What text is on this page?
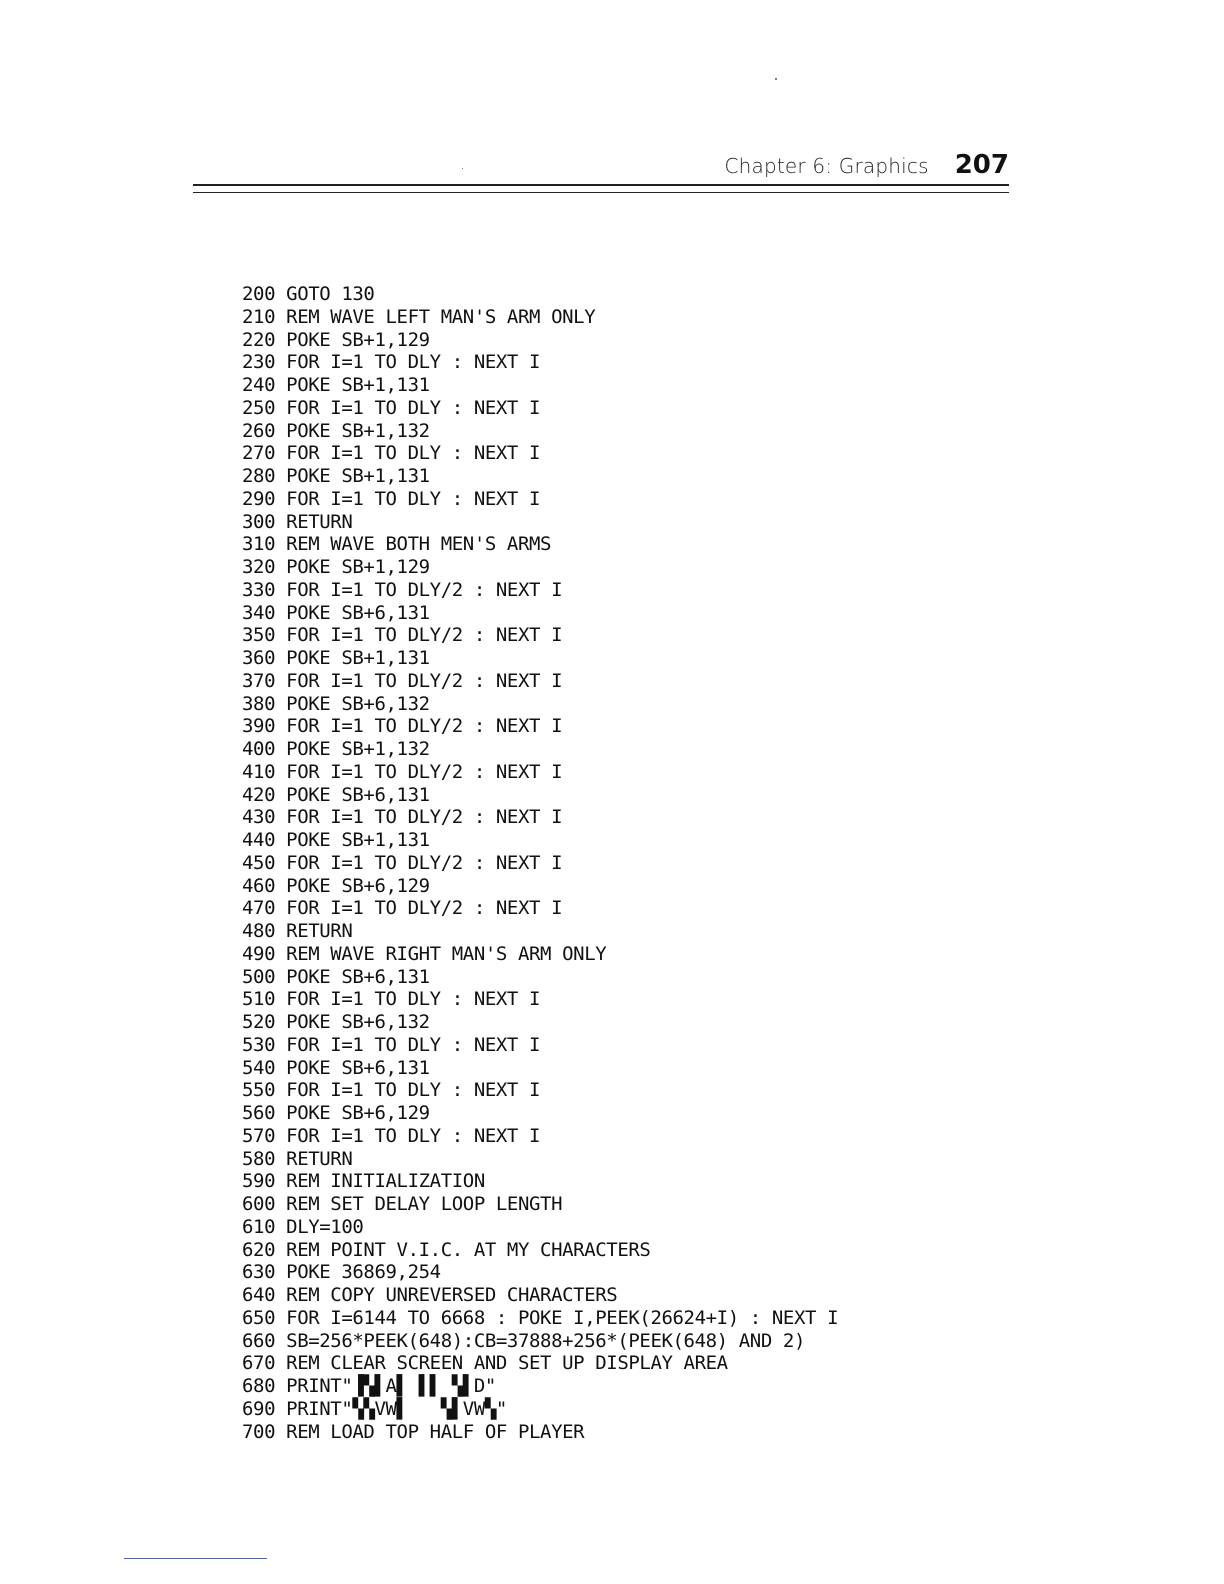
Chapter 6: Graphics 207
200 GOTO 130
210 REM WAVE LEFT MAN'S ARM ONLY
220 POKE SB+1,129
230 FOR I=1 TO DLY : NEXT I
240 POKE SB+1,131
250 FOR I=1 TO DLY : NEXT I
260 POKE SB+1,132
270 FOR I=1 TO DLY : NEXT I
280 POKE SB+1,131
290 FOR I=1 TO DLY : NEXT I
300 RETURN
310 REM WAVE BOTH MEN'S ARMS
320 POKE SB+1,129
330 FOR I=1 TO DLY/2 : NEXT I
340 POKE SB+6,131
350 FOR I=1 TO DLY/2 : NEXT I
360 POKE SB+1,131
370 FOR I=1 TO DLY/2 : NEXT I
380 POKE SB+6,132
390 FOR I=1 TO DLY/2 : NEXT I
400 POKE SB+1,132
410 FOR I=1 TO DLY/2 : NEXT I
420 POKE SB+6,131
430 FOR I=1 TO DLY/2 : NEXT I
440 POKE SB+1,131
450 FOR I=1 TO DLY/2 : NEXT I
460 POKE SB+6,129
470 FOR I=1 TO DLY/2 : NEXT I
480 RETURN
490 REM WAVE RIGHT MAN'S ARM ONLY
500 POKE SB+6,131
510 FOR I=1 TO DLY : NEXT I
520 POKE SB+6,132
530 FOR I=1 TO DLY : NEXT I
540 POKE SB+6,131
550 FOR I=1 TO DLY : NEXT I
560 POKE SB+6,129
570 FOR I=1 TO DLY : NEXT I
580 RETURN
590 REM INITIALIZATION
600 REM SET DELAY LOOP LENGTH
610 DLY=100
620 REM POINT V.I.C. AT MY CHARACTERS
630 POKE 36869,254
640 REM COPY UNREVERSED CHARACTERS
650 FOR I=6144 TO 6668 : POKE I,PEEK(26624+I) : NEXT I
660 SB=256*PEEK(648):CB=37888+256*(PEEK(648) AND 2)
670 REM CLEAR SCREEN AND SET UP DISPLAY AREA
680 PRINT"▐▚▌A▌ ▌▌ ▚▌D"
690 PRINT"▚▚VW▌   ▚▌VW▚"
700 REM LOAD TOP HALF OF PLAYER
